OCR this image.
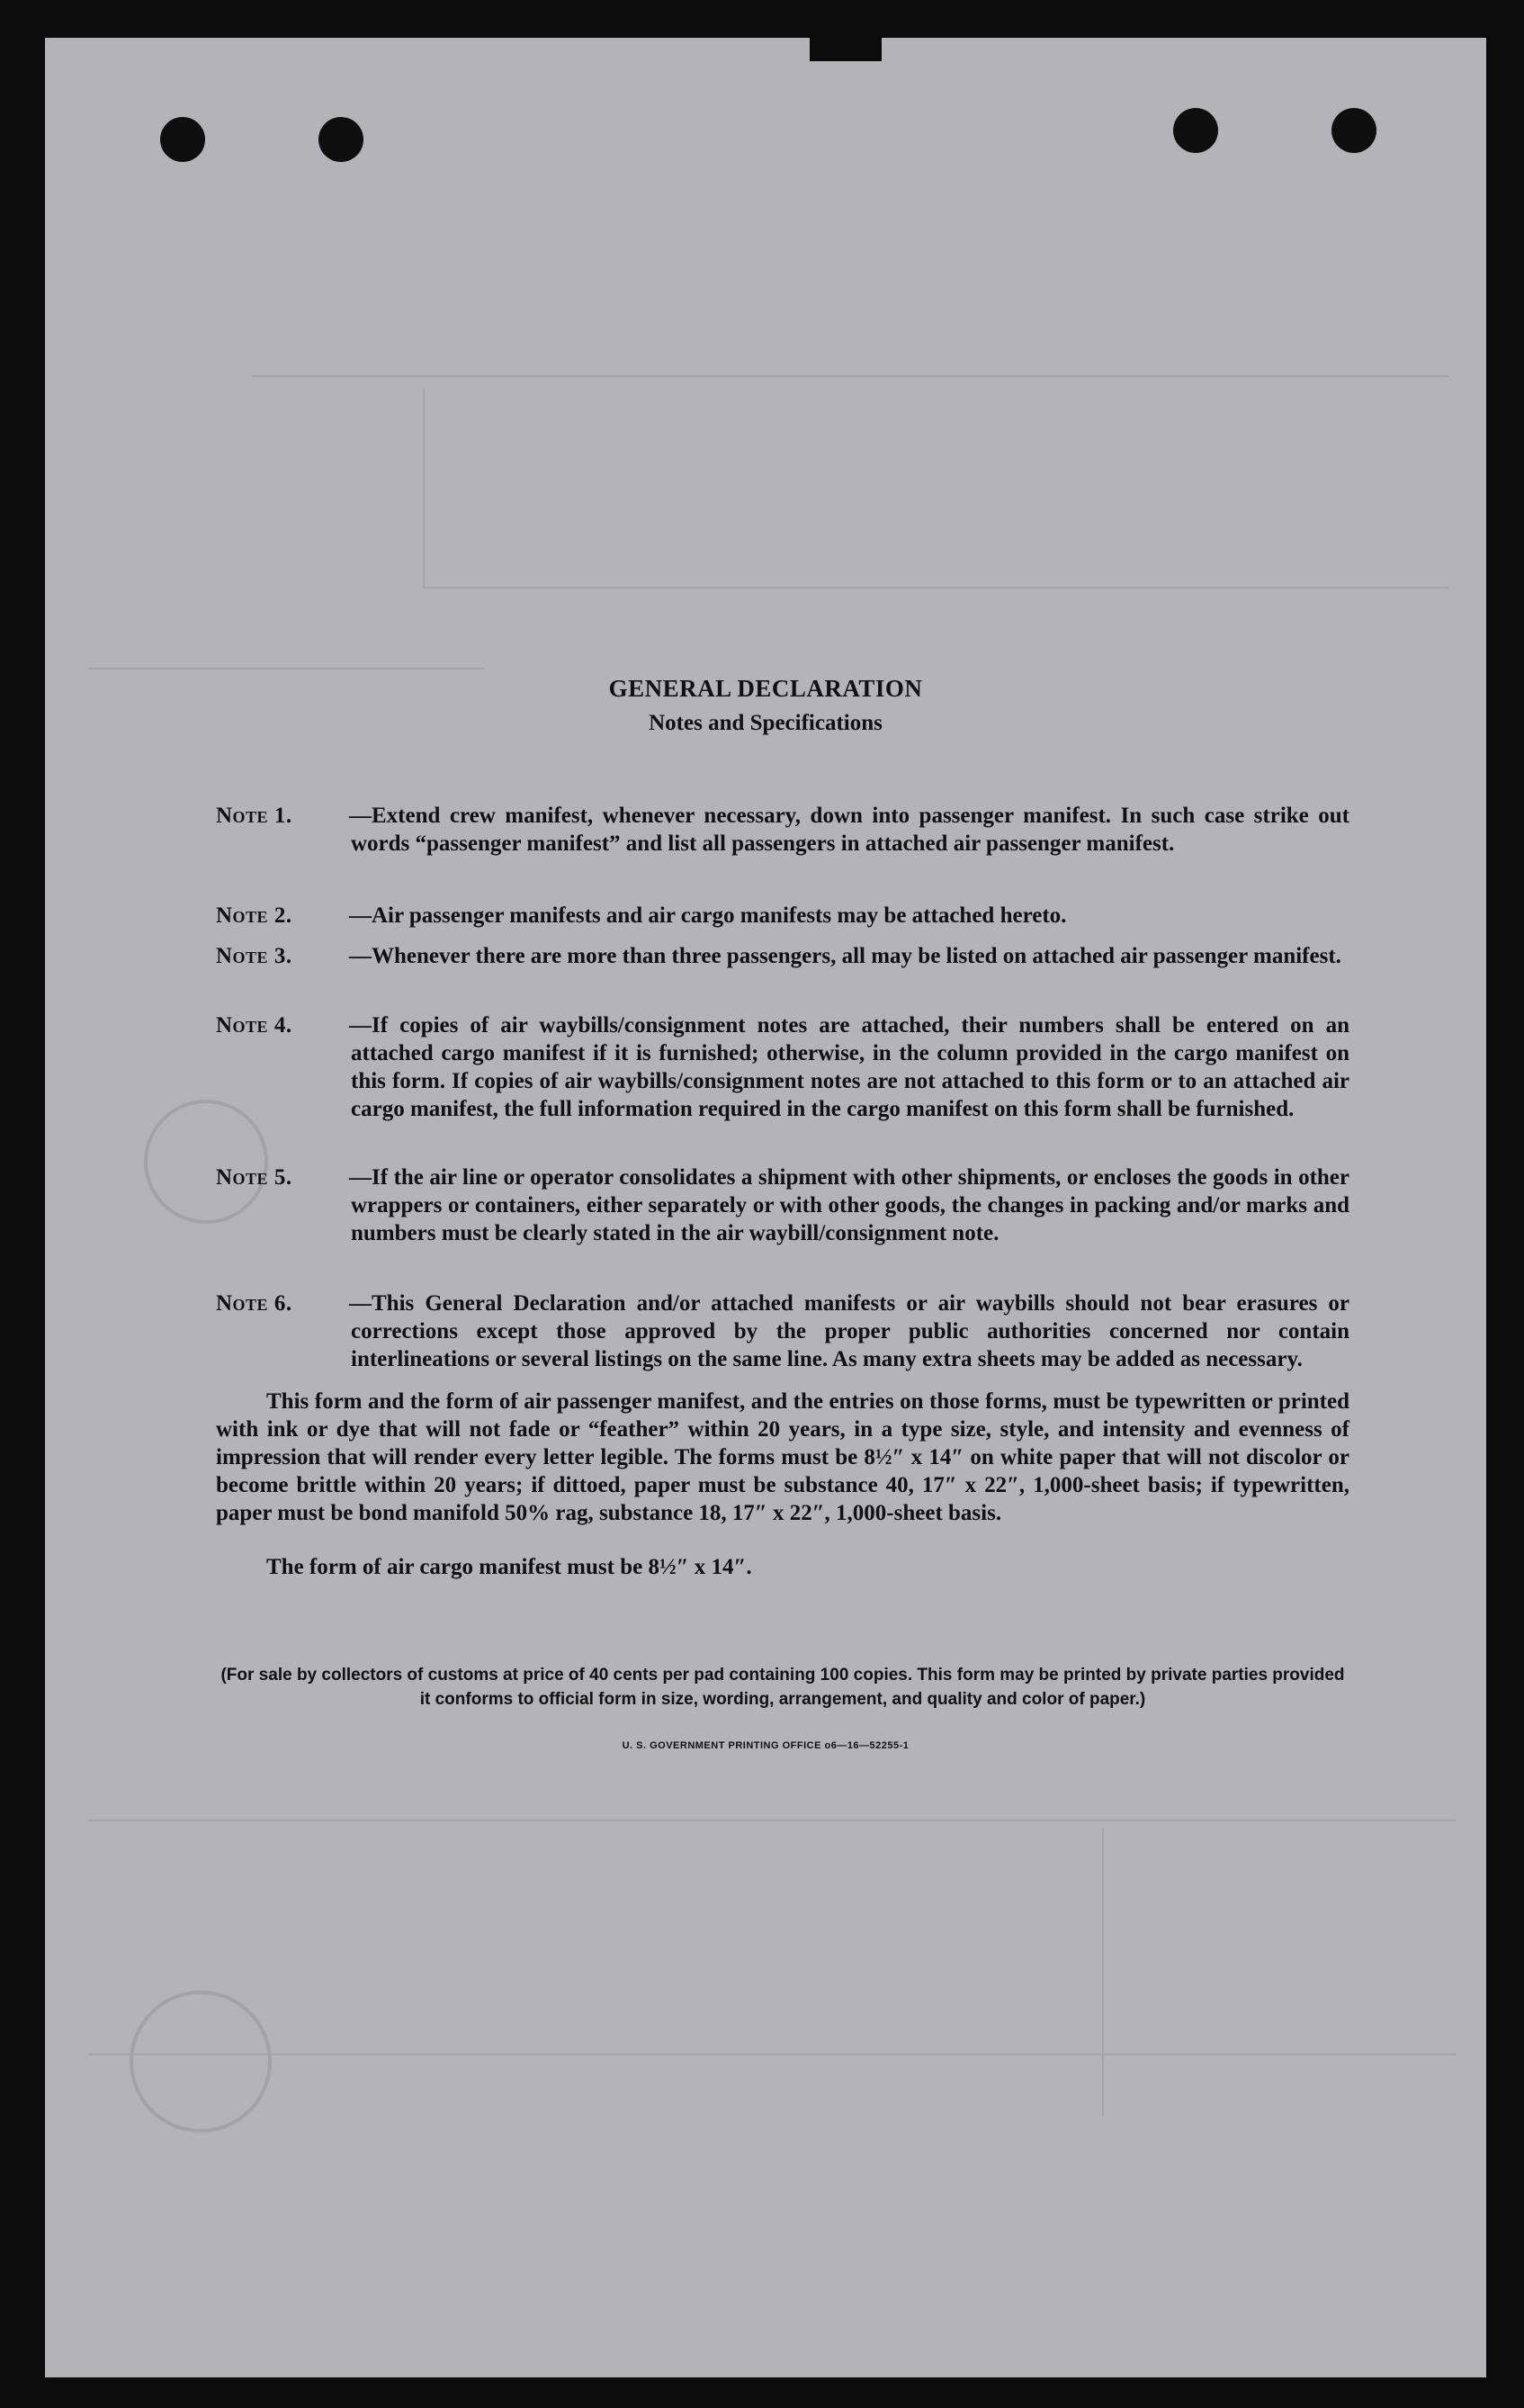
GENERAL DECLARATION
Notes and Specifications
Note 1.	—Extend crew manifest, whenever necessary, down into passenger manifest. In such case strike out words “passenger manifest” and list all passengers in attached air passenger manifest.
Note 2.	—Air passenger manifests and air cargo manifests may be attached hereto.
Note 3.	—Whenever there are more than three passengers, all may be listed on attached air passenger manifest.
Note 4.	—If copies of air waybills/consignment notes are attached, their numbers shall be entered on an attached cargo manifest if it is furnished; otherwise, in the column provided in the cargo manifest on this form. If copies of air waybills/consignment notes are not attached to this form or to an attached air cargo manifest, the full information required in the cargo manifest on this form shall be furnished.
Note 5.	—If the air line or operator consolidates a shipment with other shipments, or encloses the goods in other wrappers or containers, either separately or with other goods, the changes in packing and/or marks and numbers must be clearly stated in the air waybill/consignment note.
Note 6.	—This General Declaration and/or attached manifests or air waybills should not bear erasures or corrections except those approved by the proper public authorities concerned nor contain interlineations or several listings on the same line. As many extra sheets may be added as necessary.
This form and the form of air passenger manifest, and the entries on those forms, must be typewritten or printed with ink or dye that will not fade or “feather” within 20 years, in a type size, style, and intensity and evenness of impression that will render every letter legible. The forms must be 8½″ x 14″ on white paper that will not discolor or become brittle within 20 years; if dittoed, paper must be substance 40, 17″ x 22″, 1,000-sheet basis; if typewritten, paper must be bond manifold 50% rag, substance 18, 17″ x 22″, 1,000-sheet basis.
The form of air cargo manifest must be 8½″ x 14″.
(For sale by collectors of customs at price of 40 cents per pad containing 100 copies. This form may be printed by private parties provided it conforms to official form in size, wording, arrangement, and quality and color of paper.)
U. S. GOVERNMENT PRINTING OFFICE o6—16—52255-1
